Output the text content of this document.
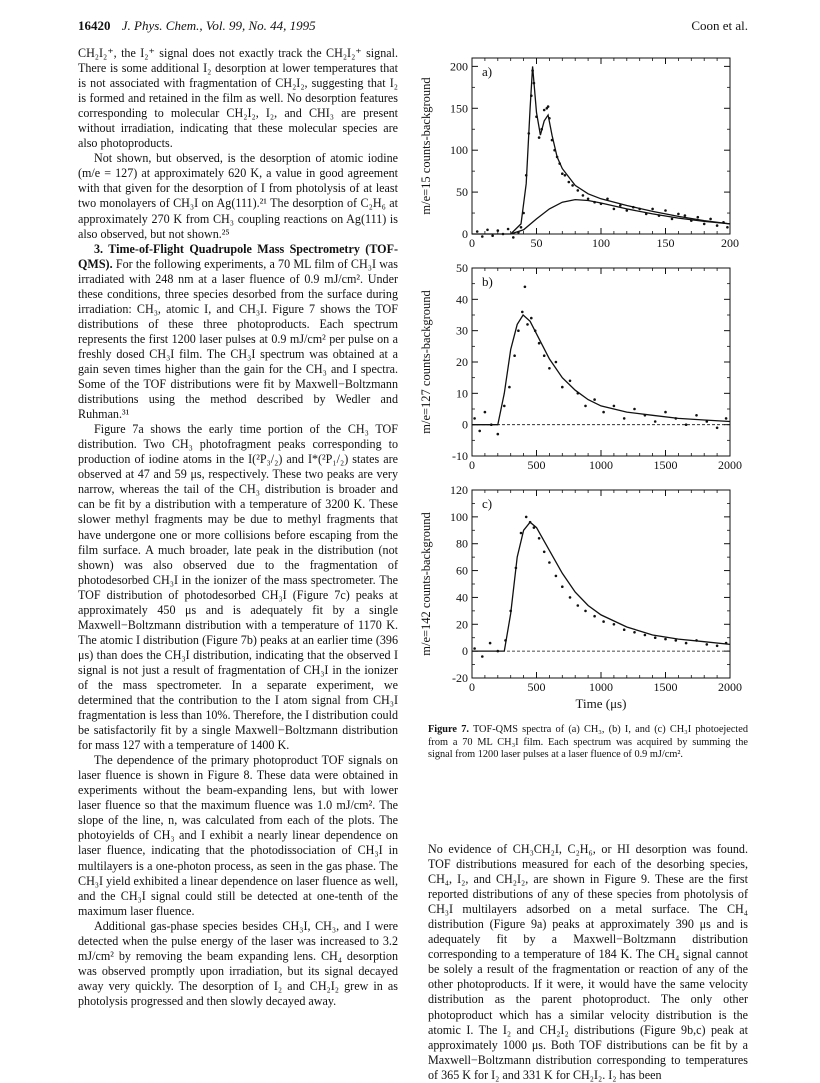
16420 J. Phys. Chem., Vol. 99, No. 44, 1995	Coon et al.

CH₂I₂⁺, the I₂⁺ signal does not exactly track the CH₂I₂⁺ signal. There is some additional I₂ desorption at lower temperatures that is not associated with fragmentation of CH₂I₂, suggesting that I₂ is formed and retained in the film as well. No desorption features corresponding to molecular CH₂I₂, I₂, and CHI₃ are present without irradiation, indicating that these molecular species are also photoproducts.

Not shown, but observed, is the desorption of atomic iodine (m/e = 127) at approximately 620 K, a value in good agreement with that given for the desorption of I from photolysis of at least two monolayers of CH₃I on Ag(111).²¹ The desorption of C₂H₆ at approximately 270 K from CH₃ coupling reactions on Ag(111) is also observed, but not shown.²⁵

3. Time-of-Flight Quadrupole Mass Spectrometry (TOF-QMS). For the following experiments, a 70 ML film of CH₃I was irradiated with 248 nm at a laser fluence of 0.9 mJ/cm². Under these conditions, three species desorbed from the surface during irradiation: CH₃, atomic I, and CH₃I. Figure 7 shows the TOF distributions of these three photoproducts. Each spectrum represents the first 1200 laser pulses at 0.9 mJ/cm² per pulse on a freshly dosed CH₃I film. The CH₃I spectrum was obtained at a gain seven times higher than the gain for the CH₃ and I spectra. Some of the TOF distributions were fit by Maxwell−Boltzmann distributions using the method described by Wedler and Ruhman.³¹

Figure 7a shows the early time portion of the CH₃ TOF distribution. Two CH₃ photofragment peaks corresponding to production of iodine atoms in the I(²P₃/₂) and I*(²P₁/₂) states are observed at 47 and 59 μs, respectively. These two peaks are very narrow, whereas the tail of the CH₃ distribution is broader and can be fit by a distribution with a temperature of 3200 K. These slower methyl fragments may be due to methyl fragments that have undergone one or more collisions before escaping from the film surface. A much broader, late peak in the distribution (not shown) was also observed due to the fragmentation of photodesorbed CH₃I in the ionizer of the mass spectrometer. The TOF distribution of photodesorbed CH₃I (Figure 7c) peaks at approximately 450 μs and is adequately fit by a single Maxwell−Boltzmann distribution with a temperature of 1170 K. The atomic I distribution (Figure 7b) peaks at an earlier time (396 μs) than does the CH₃I distribution, indicating that the observed I signal is not just a result of fragmentation of CH₃I in the ionizer of the mass spectrometer. In a separate experiment, we determined that the contribution to the I atom signal from CH₃I fragmentation is less than 10%. Therefore, the I distribution could be satisfactorily fit by a single Maxwell−Boltzmann distribution for mass 127 with a temperature of 1400 K.

The dependence of the primary photoproduct TOF signals on laser fluence is shown in Figure 8. These data were obtained in experiments without the beam-expanding lens, but with lower laser fluence so that the maximum fluence was 1.0 mJ/cm². The slope of the line, n, was calculated from each of the plots. The photoyields of CH₃ and I exhibit a nearly linear dependence on laser fluence, indicating that the photodissociation of CH₃I in multilayers is a one-photon process, as seen in the gas phase. The CH₃I yield exhibited a linear dependence on laser fluence as well, and the CH₃I signal could still be detected at one-tenth of the maximum laser fluence.

Additional gas-phase species besides CH₃I, CH₃, and I were detected when the pulse energy of the laser was increased to 3.2 mJ/cm² by removing the beam expanding lens. CH₄ desorption was observed promptly upon irradiation, but its signal decayed away very quickly. The desorption of I₂ and CH₂I₂ grew in as photolysis progressed and then slowly decayed away.

0	50	100	150	200
0
50
100
150
200
m/e=15 counts-background
a)
0	500	1000	1500	2000
-10
0
10
20
30
40
50
m/e=127 counts-background
b)
0	500	1000	1500	2000
-20
0
20
40
60
80
100
120
m/e=142 counts-background
c)
Time (μs)
Figure 7. TOF-QMS spectra of (a) CH₃, (b) I, and (c) CH₃I photoejected from a 70 ML CH₃I film. Each spectrum was acquired by summing the signal from 1200 laser pulses at a laser fluence of 0.9 mJ/cm².

No evidence of CH₃CH₂I, C₂H₆, or HI desorption was found. TOF distributions measured for each of the desorbing species, CH₄, I₂, and CH₂I₂, are shown in Figure 9. These are the first reported distributions of any of these species from photolysis of CH₃I multilayers adsorbed on a metal surface. The CH₄ distribution (Figure 9a) peaks at approximately 390 μs and is adequately fit by a Maxwell−Boltzmann distribution corresponding to a temperature of 184 K. The CH₄ signal cannot be solely a result of the fragmentation or reaction of any of the other photoproducts. If it were, it would have the same velocity distribution as the parent photoproduct. The only other photoproduct which has a similar velocity distribution is the atomic I. The I₂ and CH₂I₂ distributions (Figure 9b,c) peak at approximately 1000 μs. Both TOF distributions can be fit by a Maxwell−Boltzmann distribution corresponding to temperatures of 365 K for I₂ and 331 K for CH₂I₂. I₂ has been
